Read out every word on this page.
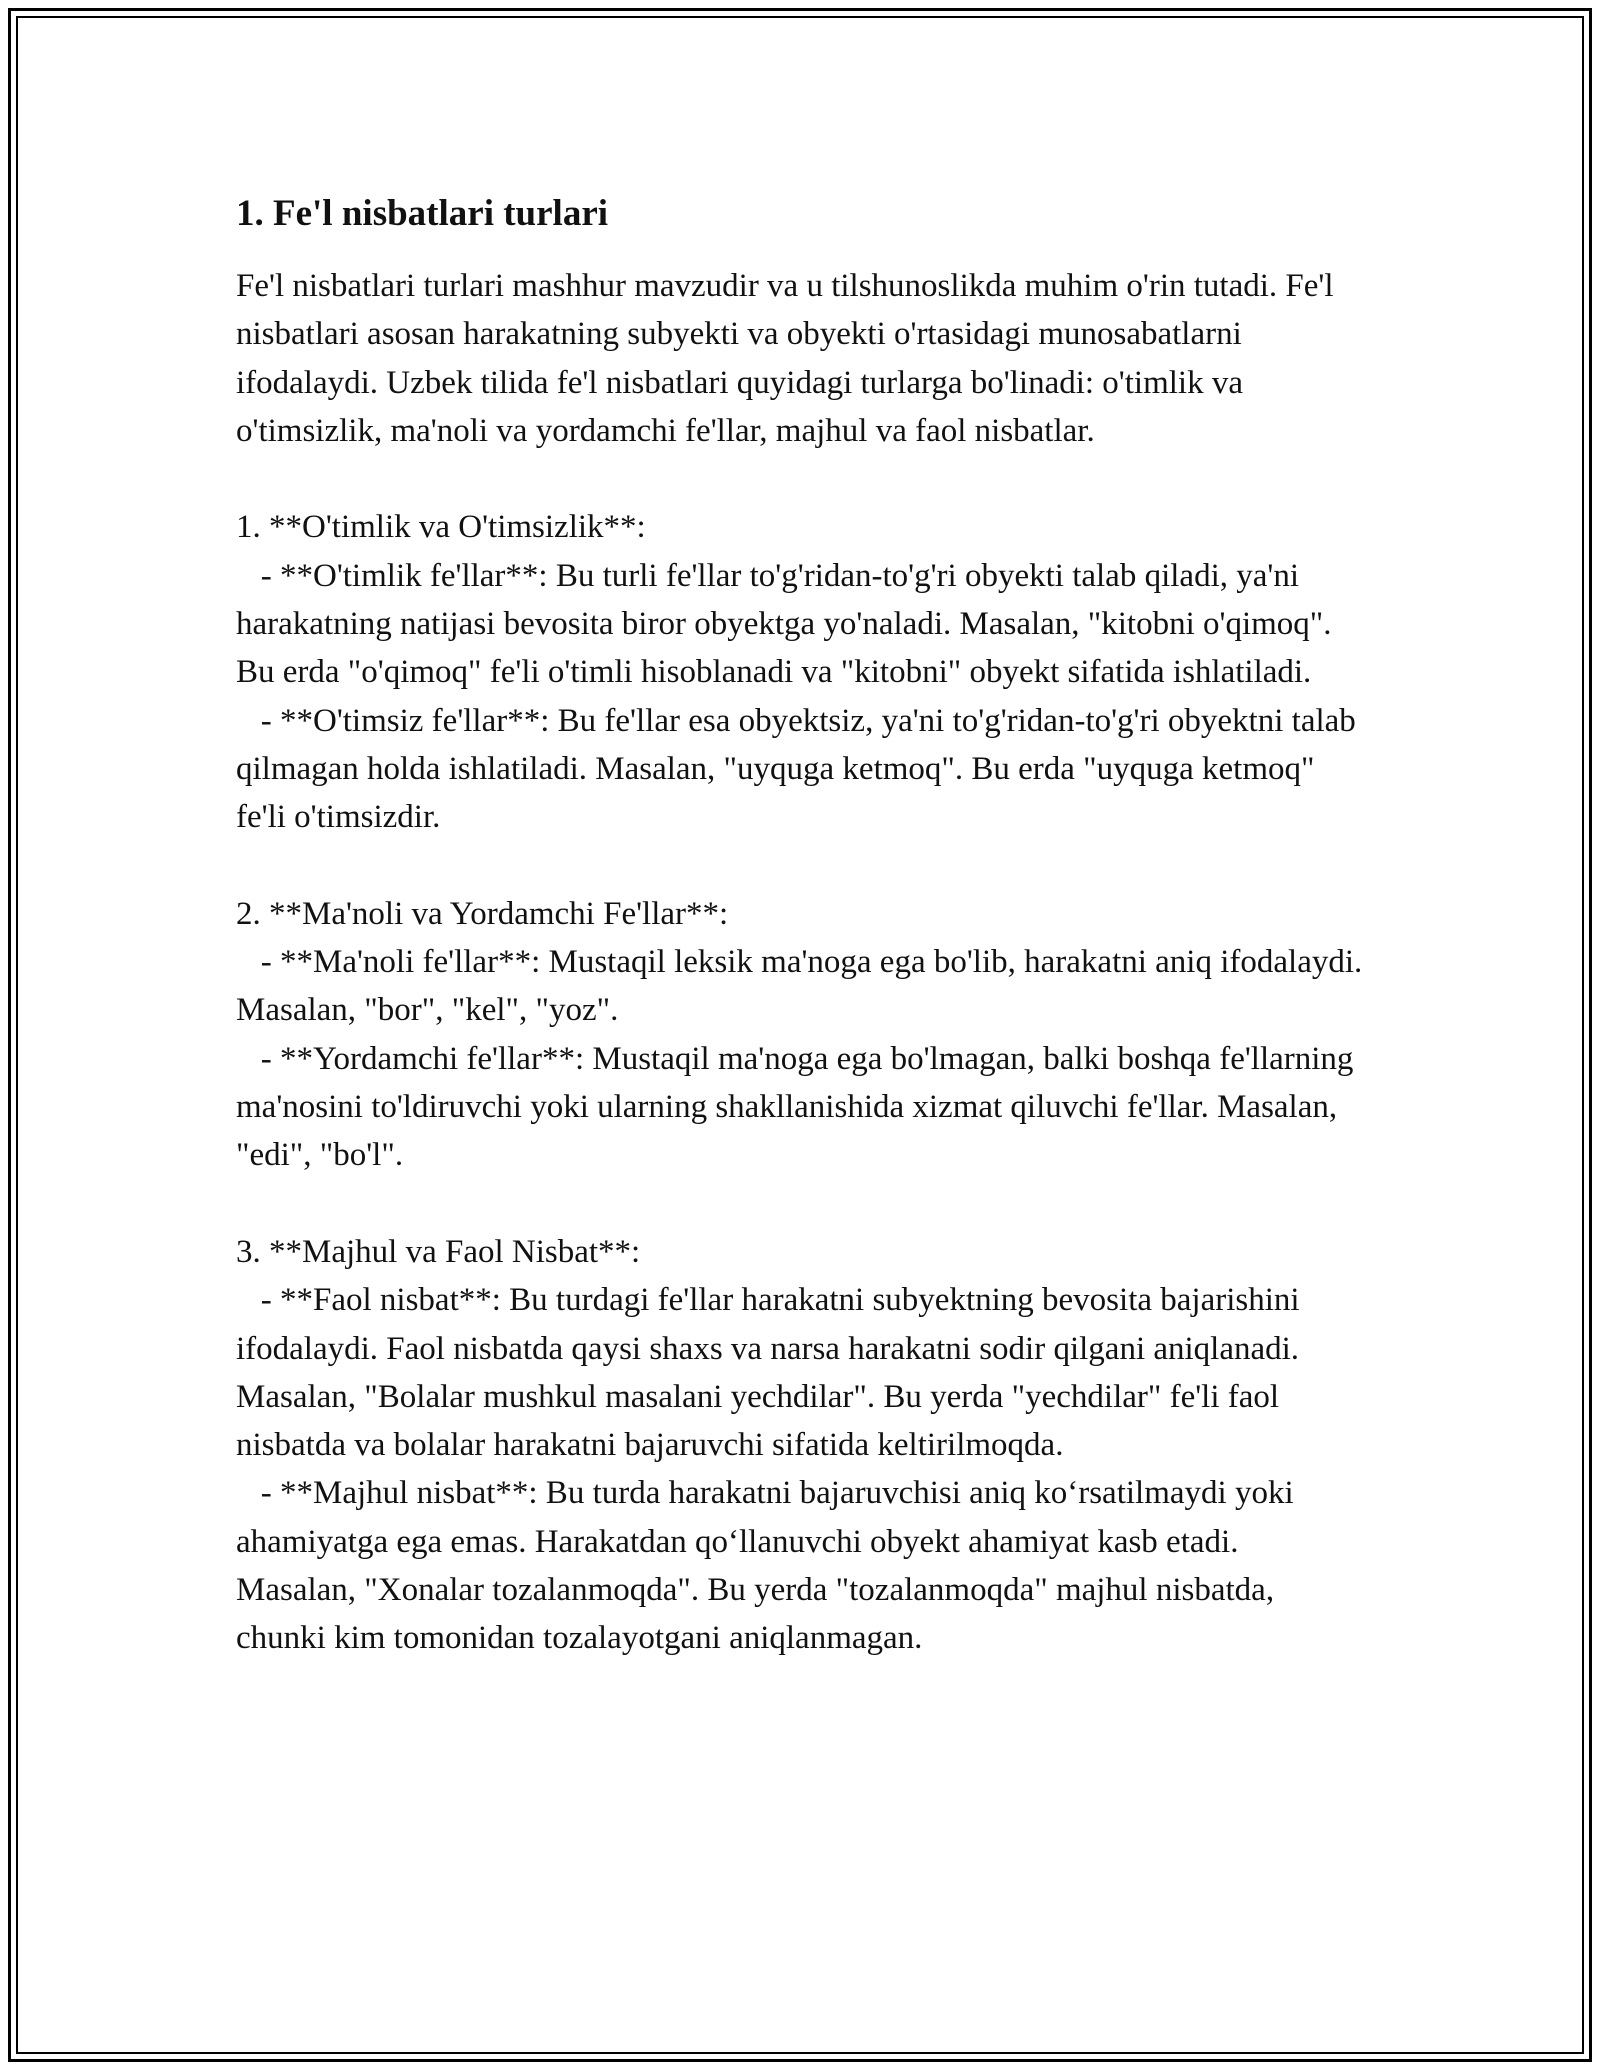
1. Fe'l nisbatlari turlari

Fe'l nisbatlari turlari mashhur mavzudir va u tilshunoslikda muhim o'rin tutadi. Fe'l nisbatlari asosan harakatning subyekti va obyekti o'rtasidagi munosabatlarni ifodalaydi. Uzbek tilida fe'l nisbatlari quyidagi turlarga bo'linadi: o'timlik va o'timsizlik, ma'noli va yordamchi fe'llar, majhul va faol nisbatlar.

1. **O'timlik va O'timsizlik**:
- **O'timlik fe'llar**: Bu turli fe'llar to'g'ridan-to'g'ri obyekti talab qiladi, ya'ni harakatning natijasi bevosita biror obyektga yo'naladi. Masalan, "kitobni o'qimoq". Bu erda "o'qimoq" fe'li o'timli hisoblanadi va "kitobni" obyekt sifatida ishlatiladi.
- **O'timsiz fe'llar**: Bu fe'llar esa obyektsiz, ya'ni to'g'ridan-to'g'ri obyektni talab qilmagan holda ishlatiladi. Masalan, "uyquga ketmoq". Bu erda "uyquga ketmoq" fe'li o'timsizdir.

2. **Ma'noli va Yordamchi Fe'llar**:
- **Ma'noli fe'llar**: Mustaqil leksik ma'noga ega bo'lib, harakatni aniq ifodalaydi. Masalan, "bor", "kel", "yoz".
- **Yordamchi fe'llar**: Mustaqil ma'noga ega bo'lmagan, balki boshqa fe'llarning ma'nosini to'ldiruvchi yoki ularning shakllanishida xizmat qiluvchi fe'llar. Masalan, "edi", "bo'l".

3. **Majhul va Faol Nisbat**:
- **Faol nisbat**: Bu turdagi fe'llar harakatni subyektning bevosita bajarishini ifodalaydi. Faol nisbatda qaysi shaxs va narsa harakatni sodir qilgani aniqlanadi. Masalan, "Bolalar mushkul masalani yechdilar". Bu yerda "yechdilar" fe'li faol nisbatda va bolalar harakatni bajaruvchi sifatida keltirilmoqda.
- **Majhul nisbat**: Bu turda harakatni bajaruvchisi aniq ko‘rsatilmaydi yoki ahamiyatga ega emas. Harakatdan qo‘llanuvchi obyekt ahamiyat kasb etadi. Masalan, "Xonalar tozalanmoqda". Bu yerda "tozalanmoqda" majhul nisbatda, chunki kim tomonidan tozalayotgani aniqlanmagan.
